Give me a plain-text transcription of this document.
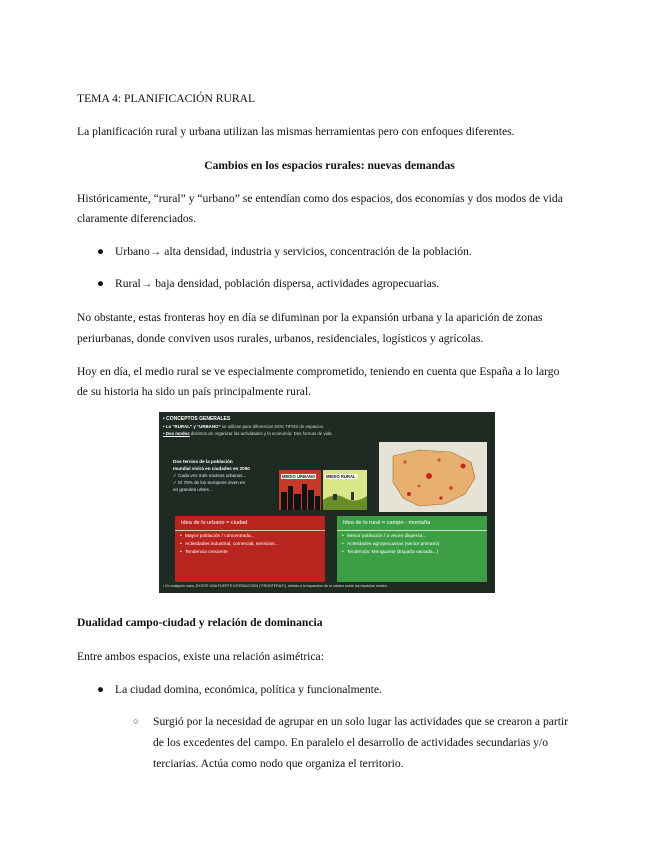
TEMA 4: PLANIFICACIÓN RURAL

La planificación rural y urbana utilizan las mismas herramientas pero con enfoques diferentes.

Cambios en los espacios rurales: nuevas demandas

Históricamente, “rural” y “urbano” se entendían como dos espacios, dos economías y dos modos de vida

claramente diferenciados.

● Urbano→ alta densidad, industria y servicios, concentración de la población.
● Rural→ baja densidad, población dispersa, actividades agropecuarias.

No obstante, estas fronteras hoy en día se difuminan por la expansión urbana y la aparición de zonas

periurbanas, donde conviven usos rurales, urbanos, residenciales, logísticos y agrícolas.

Hoy en día, el medio rural se ve especialmente comprometido, teniendo en cuenta que España a lo largo

de su historia ha sido un país principalmente rural.

• CONCEPTOS GENERALES
• Lo “RURAL” y “URBANO” se utilizan para diferenciar DOS TIPOS de espacios.
• Dos modos distintos de organizar las actividades y la economía: Dos formas de vida.
Dos tercios de la población
mundial vivirá en ciudades en 2050
✓ Cada vez más núcleos urbanos...
✓ El 70% de los europeos viven en
en grandes urbes...
MEDIO URBANO	MEDIO RURAL
Idea de lo urbano = ciudad
• Mayor población / concentrada...
• Actividades industrial, comercial, servicios...
• Tendencia creciente
Idea de lo rural = campo - montaña
• Menor población / a veces dispersa...
• Actividades agropecuarias (sector primario)
• Tendencia: Menguante (España vaciada...)
• En cualquier caso, EXISTE UNA FUERTE INTERACCIÓN (“FRONTERAS”), debido a la expansión de lo urbano sobre los espacios rurales.

Dualidad campo-ciudad y relación de dominancia

Entre ambos espacios, existe una relación asimétrica:

● La ciudad domina, económica, política y funcionalmente.
○ Surgió por la necesidad de agrupar en un solo lugar las actividades que se crearon a partir
de los excedentes del campo. En paralelo el desarrollo de actividades secundarias y/o
terciarias. Actúa como nodo que organiza el territorio.
